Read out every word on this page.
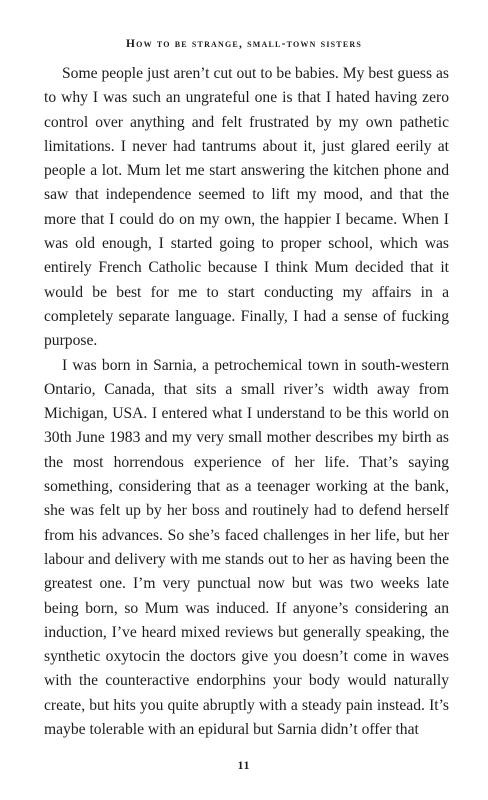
How to be strange, small-town sisters

Some people just aren’t cut out to be babies. My best guess as to why I was such an ungrateful one is that I hated having zero control over anything and felt frustrated by my own pathetic limitations. I never had tantrums about it, just glared eerily at people a lot. Mum let me start answering the kitchen phone and saw that independence seemed to lift my mood, and that the more that I could do on my own, the happier I became. When I was old enough, I started going to proper school, which was entirely French Catholic because I think Mum decided that it would be best for me to start conducting my affairs in a completely separate language. Finally, I had a sense of fucking purpose.

I was born in Sarnia, a petrochemical town in south-western Ontario, Canada, that sits a small river’s width away from Michigan, USA. I entered what I understand to be this world on 30th June 1983 and my very small mother describes my birth as the most horrendous experience of her life. That’s saying something, considering that as a teenager working at the bank, she was felt up by her boss and routinely had to defend herself from his advances. So she’s faced challenges in her life, but her labour and delivery with me stands out to her as having been the greatest one. I’m very punctual now but was two weeks late being born, so Mum was induced. If anyone’s considering an induction, I’ve heard mixed reviews but generally speaking, the synthetic oxytocin the doctors give you doesn’t come in waves with the counteractive endorphins your body would naturally create, but hits you quite abruptly with a steady pain instead. It’s maybe tolerable with an epidural but Sarnia didn’t offer that

11
